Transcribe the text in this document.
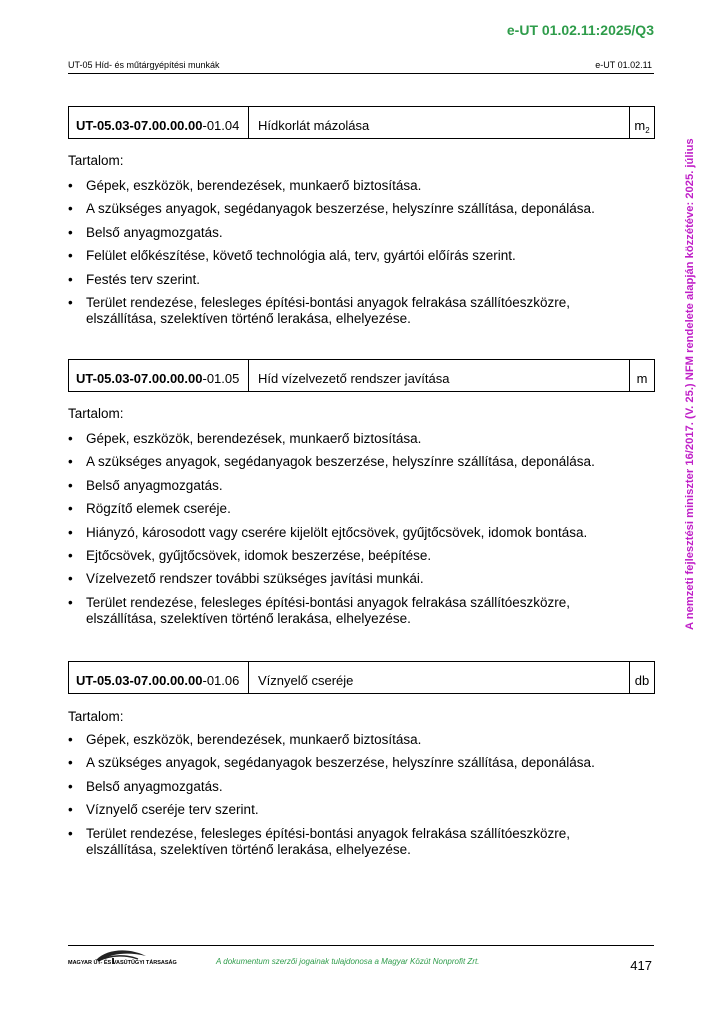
e-UT 01.02.11:2025/Q3
UT-05 Híd- és műtárgyépítési munkák	e-UT 01.02.11
A nemzeti fejlesztési miniszter 16/2017. (V. 25.) NFM rendelete alapján közzétéve: 2025. július
UT-05.03-07.00.00.00 -01.04	Hídkorlát mázolása	$m^2$
Tartalom:
• Gépek, eszközök, berendezések, munkaerő biztosítása.
• A szükséges anyagok, segédanyagok beszerzése, helyszínre szállítása, deponálása.
• Belső anyagmozgatás.
• Felület előkészítése, követő technológia alá, terv, gyártói előírás szerint.
• Festés terv szerint.
• Terület rendezése, felesleges építési-bontási anyagok felrakása szállítóeszközre, elszállítása, szelektíven történő lerakása, elhelyezése.
UT-05.03-07.00.00.00 -01.05	Híd vízelvezető rendszer javítása	m
Tartalom:
• Gépek, eszközök, berendezések, munkaerő biztosítása.
• A szükséges anyagok, segédanyagok beszerzése, helyszínre szállítása, deponálása.
• Belső anyagmozgatás.
• Rögzítő elemek cseréje.
• Hiányzó, károsodott vagy cserére kijelölt ejtőcsövek, gyűjtőcsövek, idomok bontása.
• Ejtőcsövek, gyűjtőcsövek, idomok beszerzése, beépítése.
• Vízelvezető rendszer további szükséges javítási munkái.
• Terület rendezése, felesleges építési-bontási anyagok felrakása szállítóeszközre, elszállítása, szelektíven történő lerakása, elhelyezése.
UT-05.03-07.00.00.00 -01.06	Víznyelő cseréje	db
Tartalom:
• Gépek, eszközök, berendezések, munkaerő biztosítása.
• A szükséges anyagok, segédanyagok beszerzése, helyszínre szállítása, deponálása.
• Belső anyagmozgatás.
• Víznyelő cseréje terv szerint.
• Terület rendezése, felesleges építési-bontási anyagok felrakása szállítóeszközre, elszállítása, szelektíven történő lerakása, elhelyezése.
MAGYAR ÚT- ÉS VASÚTÜGYI TÁRSASÁG	A dokumentum szerzői jogainak tulajdonosa a Magyar Közút Nonprofit Zrt.	417
